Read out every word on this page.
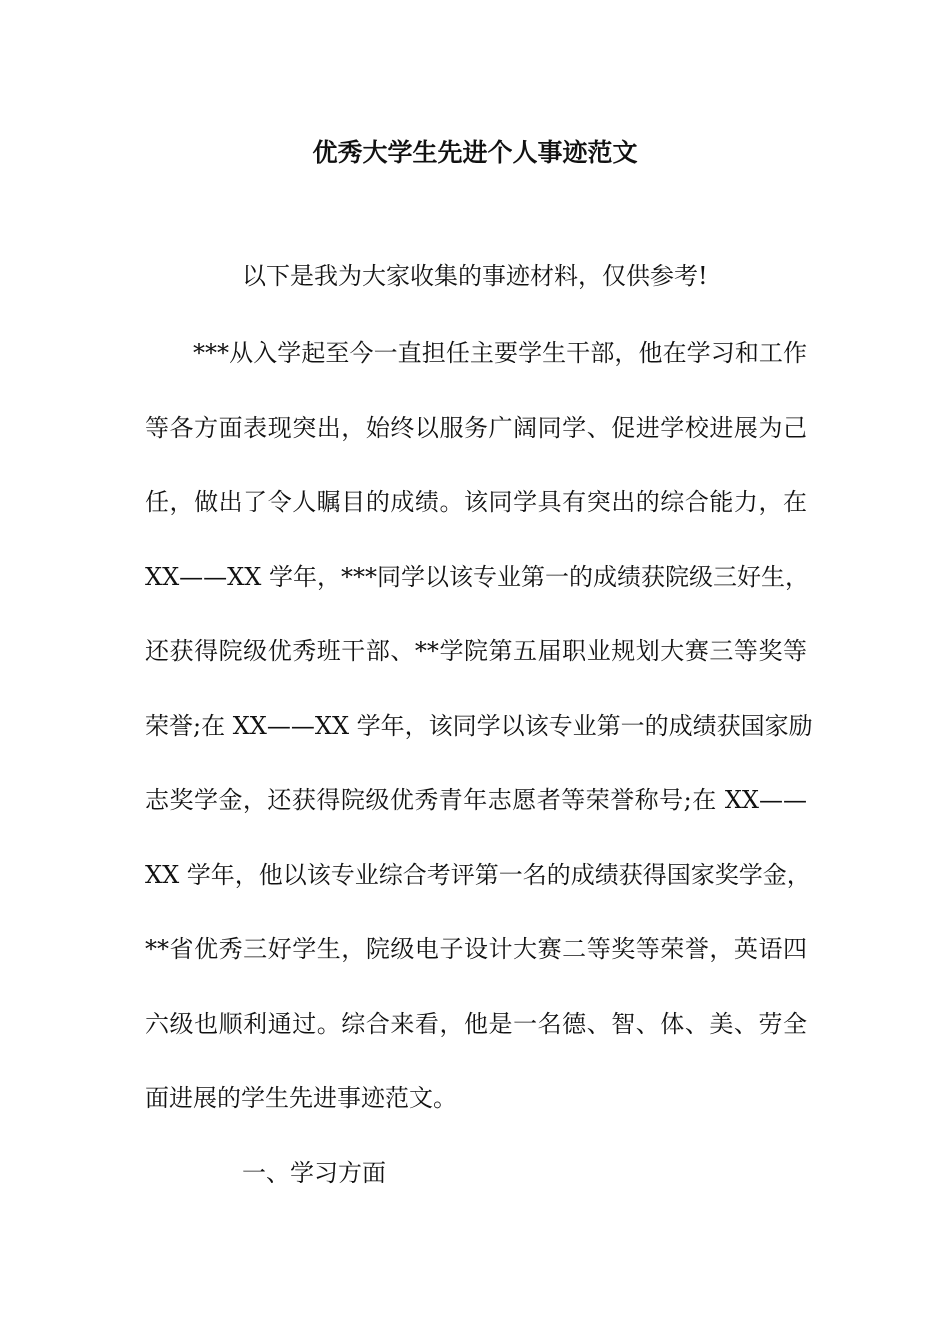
优秀大学生先进个人事迹范文
以下是我为大家收集的事迹材料，仅供参考!
***从入学起至今一直担任主要学生干部，他在学习和工作
等各方面表现突出，始终以服务广阔同学、促进学校进展为己
任，做出了令人瞩目的成绩。该同学具有突出的综合能力，在
XX——XX 学年，***同学以该专业第一的成绩获院级三好生，
还获得院级优秀班干部、**学院第五届职业规划大赛三等奖等
荣誉;在 XX——XX 学年，该同学以该专业第一的成绩获国家励
志奖学金，还获得院级优秀青年志愿者等荣誉称号;在 XX——
XX 学年，他以该专业综合考评第一名的成绩获得国家奖学金，
**省优秀三好学生，院级电子设计大赛二等奖等荣誉，英语四
六级也顺利通过。综合来看，他是一名德、智、体、美、劳全
面进展的学生先进事迹范文。
一、学习方面
